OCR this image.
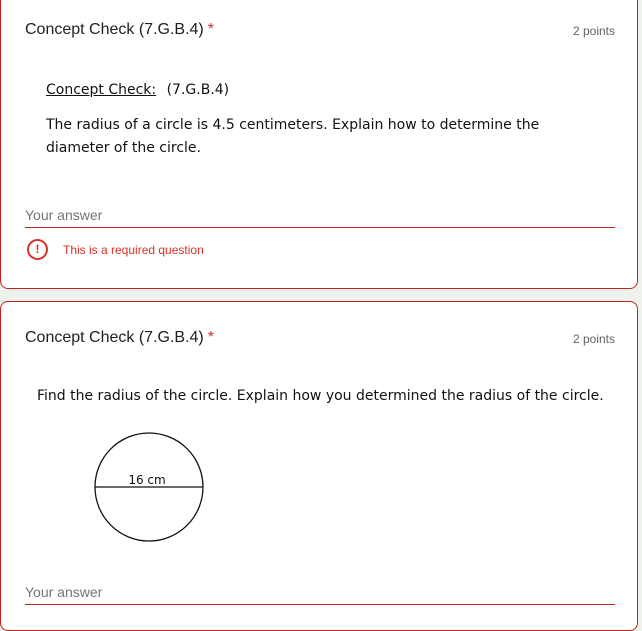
Concept Check (7.G.B.4) *	2 points
Concept Check: (7.G.B.4)
The radius of a circle is 4.5 centimeters. Explain how to determine the diameter of the circle.
Your answer
!	This is a required question
Concept Check (7.G.B.4) *	2 points
Find the radius of the circle. Explain how you determined the radius of the circle.
16 cm
Your answer
